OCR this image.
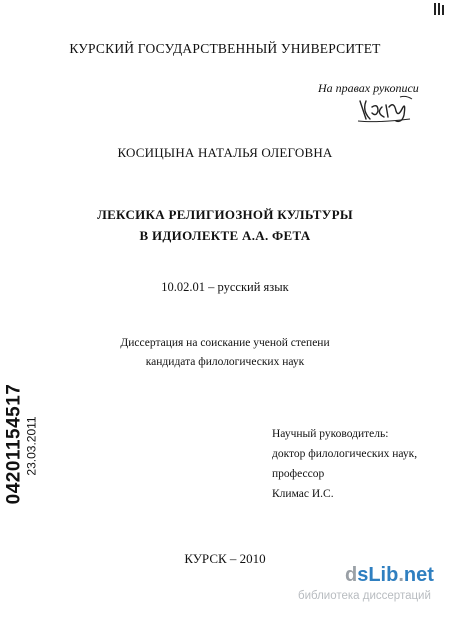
КУРСКИЙ ГОСУДАРСТВЕННЫЙ УНИВЕРСИТЕТ
На правах рукописи
КОСИЦЫНА НАТАЛЬЯ ОЛЕГОВНА
ЛЕКСИКА РЕЛИГИОЗНОЙ КУЛЬТУРЫ
В ИДИОЛЕКТЕ А.А. ФЕТА
10.02.01 – русский язык
Диссертация на соискание ученой степени
кандидата филологических наук
Научный руководитель:
доктор филологических наук,
профессор
Климас И.С.
04201154517 23.03.2011
КУРСК – 2010
dsLib.net
библиотека диссертаций
